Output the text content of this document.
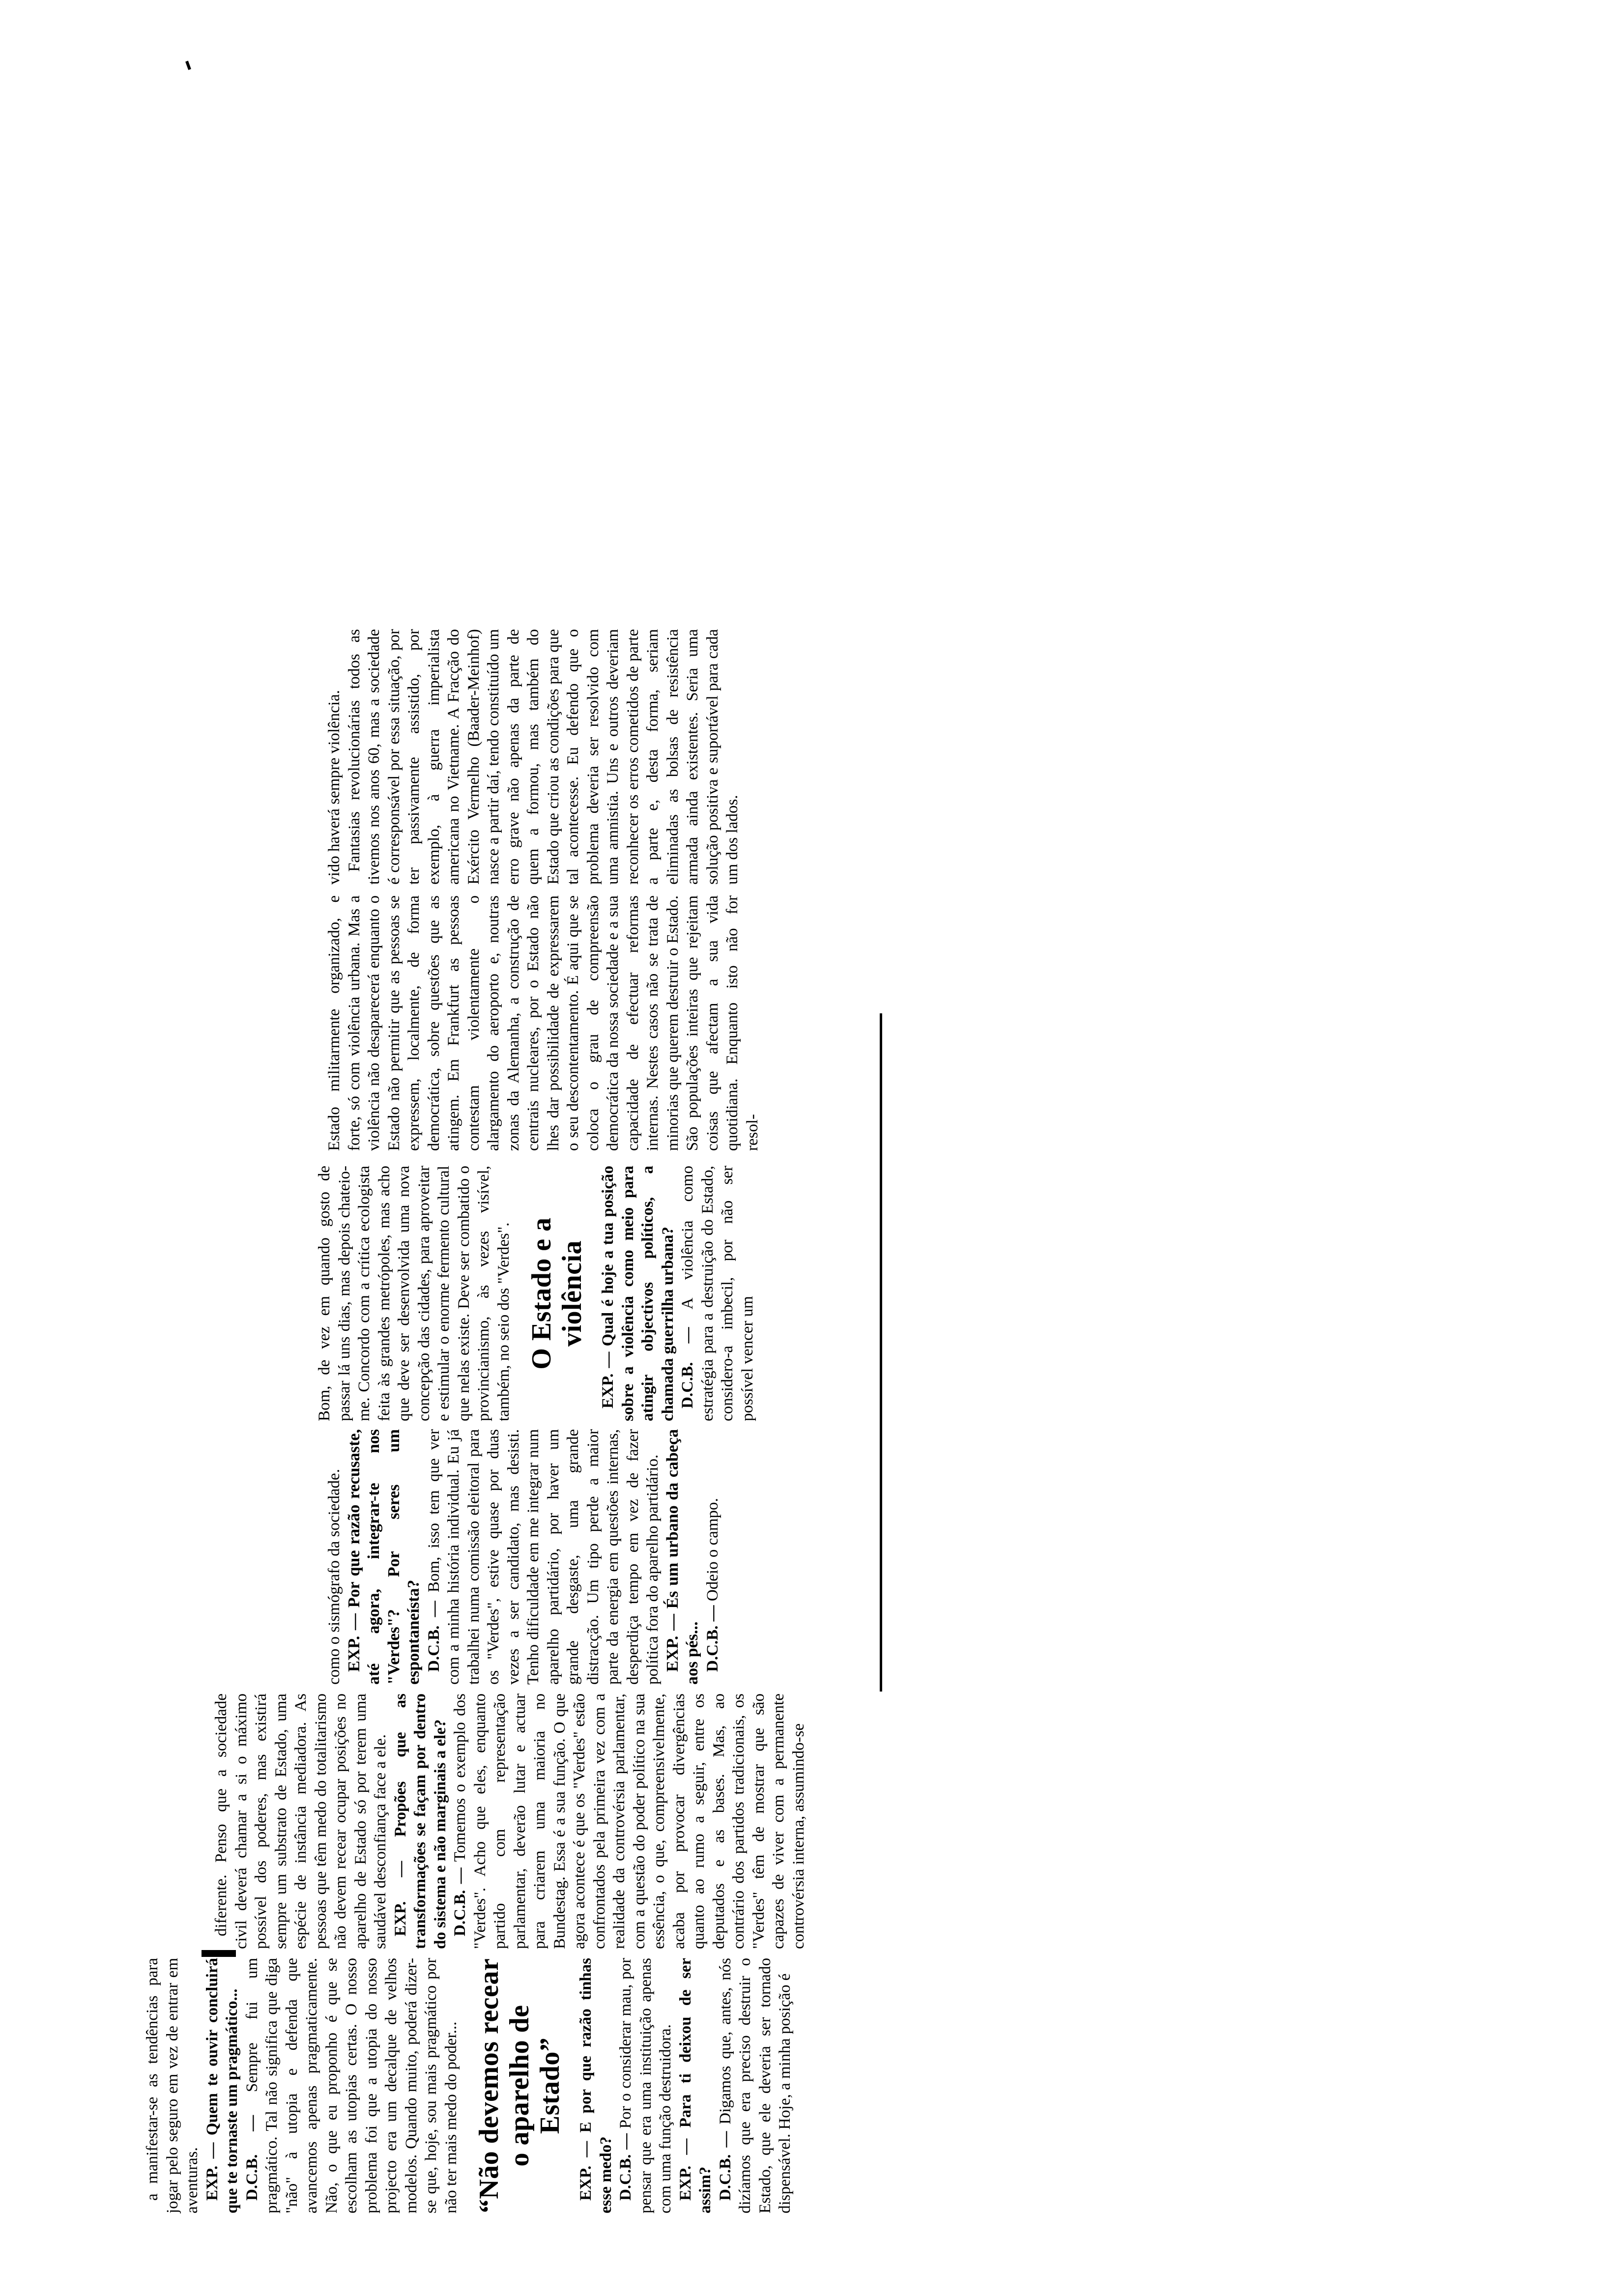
a manifestar-se as tendências para jogar pelo seguro em vez de entrar em aventuras. EXP. — Quem te ouvir concluirá que te tornaste um pragmático... D.C.B. — Sempre fui um pragmático. Tal não significa que diga "não" à utopia e defenda que avancemos apenas pragmaticamente. Não, o que eu proponho é que se escolham as utopias certas. O nosso problema foi que a utopia do nosso projecto era um decalque de velhos modelos. Quando muito, poderá dizer-se que, hoje, sou mais pragmático por não ter mais medo do poder... “Não devemos recear o aparelho de Estado”

EXP. — E por que razão tinhas esse medo? D.C.B. — Por o considerar mau, por pensar que era uma instituição apenas com uma função destruidora. EXP. — Para ti deixou de ser assim? D.C.B. — Digamos que, antes, nós dizíamos que era preciso destruir o Estado, que ele deveria ser tornado dispensável. Hoje, a minha posição é

diferente. Penso que a sociedade civil deverá chamar a si o máximo possível dos poderes, mas existirá sempre um substrato de Estado, uma espécie de instância mediadora. As pessoas que têm medo do totalitarismo não devem recear ocupar posições no aparelho de Estado só por terem uma saudável desconfiança face a ele. EXP. — Propões que as transformações se façam por dentro do sistema e não marginais a ele? D.C.B. — Tomemos o exemplo dos "Verdes". Acho que eles, enquanto partido com representação parlamentar, deverão lutar e actuar para criarem uma maioria no Bundestag. Essa é a sua função. O que agora acontece é que os "Verdes" estão confrontados pela primeira vez com a realidade da controvérsia parlamentar, com a questão do poder político na sua essência, o que, compreensivelmente, acaba por provocar divergências quanto ao rumo a seguir, entre os deputados e as bases. Mas, ao contrário dos partidos tradicionais, os "Verdes" têm de mostrar que são capazes de viver com a permanente controvérsia interna, assumindo-se

como o sismógrafo da sociedade. EXP. — Por que razão recusaste, até agora, integrar-te nos "Verdes"? Por seres um espontaneísta? D.C.B. — Bom, isso tem que ver com a minha história individual. Eu já trabalhei numa comissão eleitoral para os "Verdes", estive quase por duas vezes a ser candidato, mas desisti. Tenho dificuldade em me integrar num aparelho partidário, por haver um grande desgaste, uma grande distracção. Um tipo perde a maior parte da energia em questões internas, desperdiça tempo em vez de fazer política fora do aparelho partidário. EXP. — És um urbano da cabeça aos pés... D.C.B. — Odeio o campo.

Bom, de vez em quando gosto de passar lá uns dias, mas depois chateio-me. Concordo com a crítica ecologista feita às grandes metrópoles, mas acho que deve ser desenvolvida uma nova concepção das cidades, para aproveitar e estimular o enorme fermento cultural que nelas existe. Deve ser combatido o provincianismo, às vezes visível, também, no seio dos "Verdes". O Estado e a violência

EXP. — Qual é hoje a tua posição sobre a violência como meio para atingir objectivos políticos, a chamada guerrilha urbana? D.C.B. — A violência como estratégia para a destruição do Estado, considero-a imbecil, por não ser possível vencer um

Estado militarmente organizado, e forte, só com violência urbana. Mas a violência não desaparecerá enquanto o Estado não permitir que as pessoas se expressem, localmente, de forma democrática, sobre questões que as atingem. Em Frankfurt as pessoas contestam violentamente o alargamento do aeroporto e, noutras zonas da Alemanha, a construção de centrais nucleares, por o Estado não lhes dar possibilidade de expressarem o seu descontentamento. É aqui que se coloca o grau de compreensão democrática da nossa sociedade e a sua capacidade de efectuar reformas internas. Nestes casos não se trata de minorias que querem destruir o Estado. São populações inteiras que rejeitam coisas que afectam a sua vida quotidiana. Enquanto isto não for resol-

vido haverá sempre violência. Fantasias revolucionárias todos as tivemos nos anos 60, mas a sociedade é corresponsável por essa situação, por ter passivamente assistido, por exemplo, à guerra imperialista americana no Vietname. A Fracção do Exército Vermelho (Baader-Meinhof) nasce a partir daí, tendo constituído um erro grave não apenas da parte de quem a formou, mas também do Estado que criou as condições para que tal acontecesse. Eu defendo que o problema deveria ser resolvido com uma amnistia. Uns e outros deveriam reconhecer os erros cometidos de parte a parte e, desta forma, seriam eliminadas as bolsas de resistência armada ainda existentes. Seria uma solução positiva e suportável para cada um dos lados.
